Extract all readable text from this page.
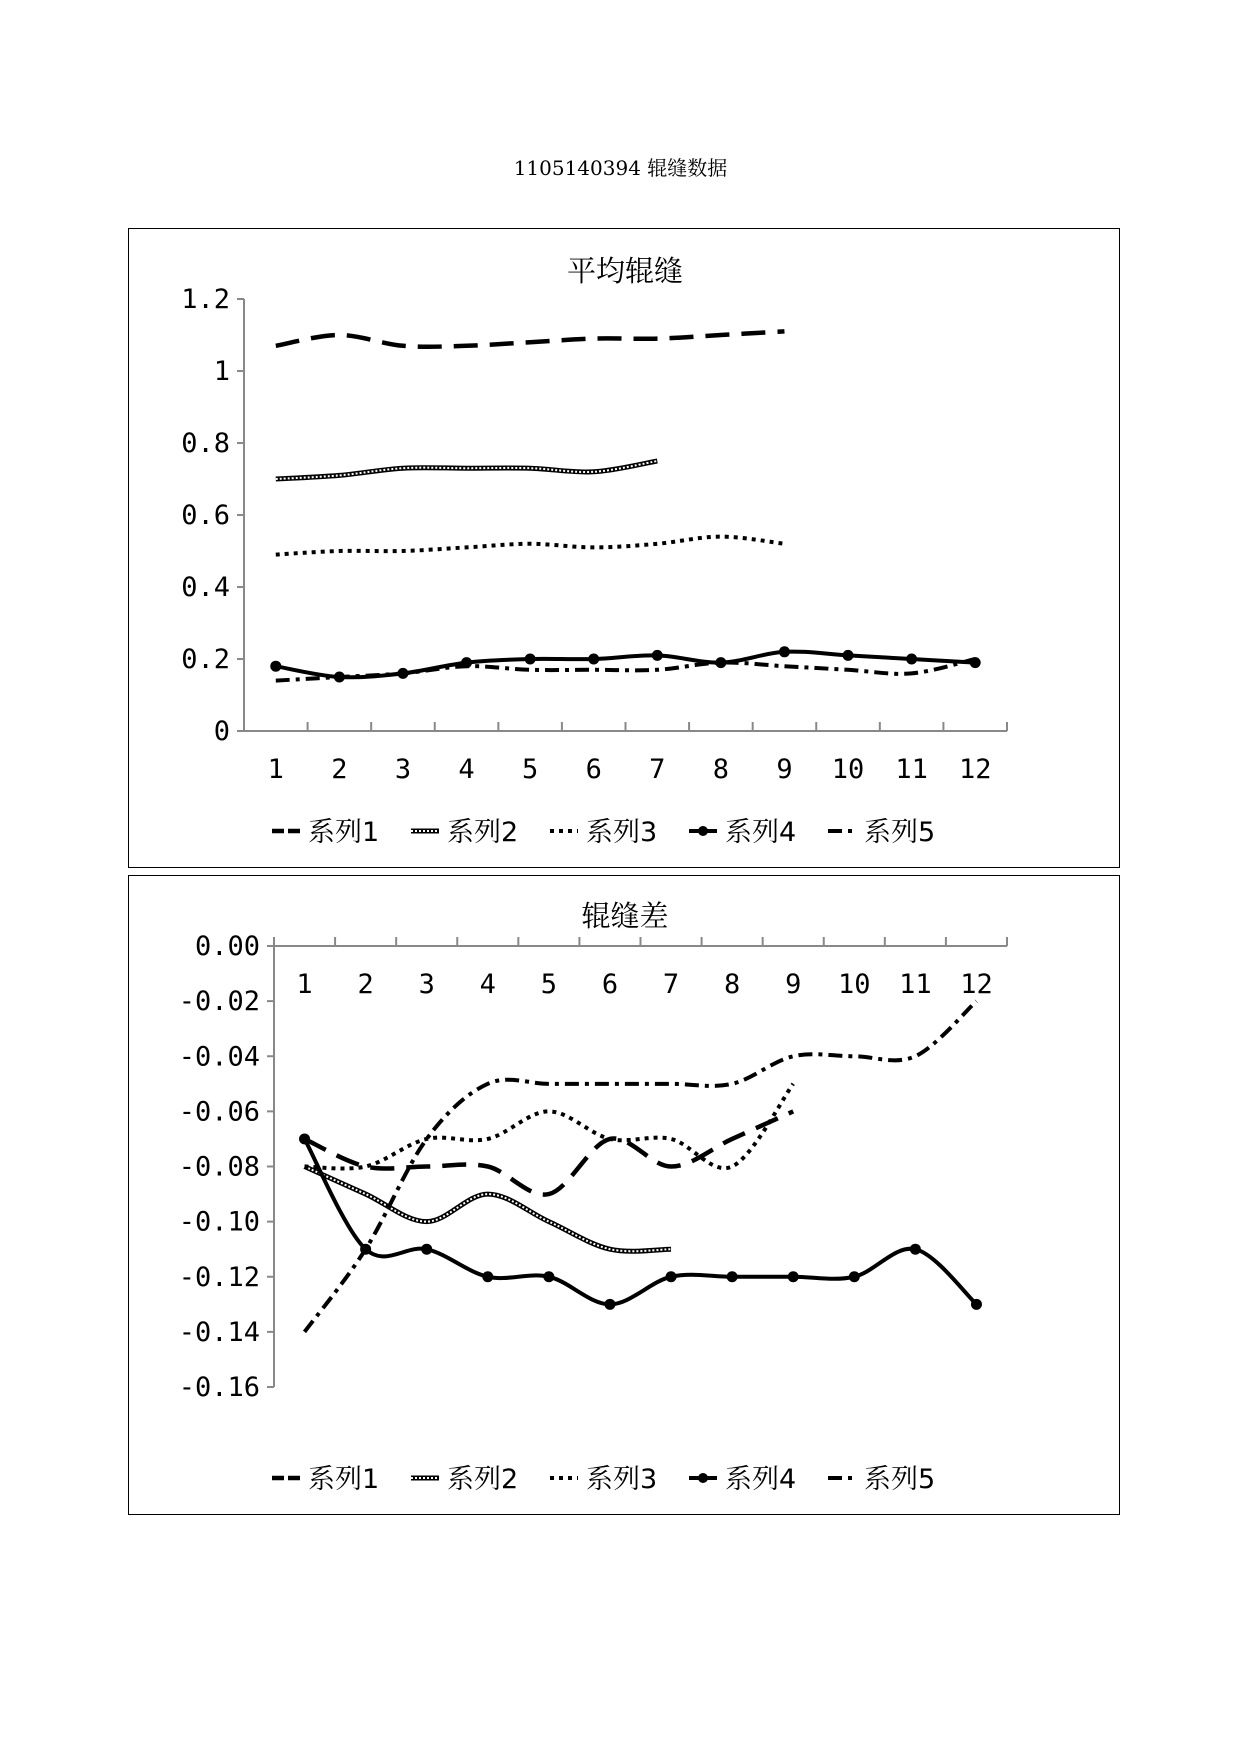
1105140394 辊缝数据
平均辊缝
0
0.2
0.4
0.6
0.8
1
1.2
1 2 3 4 5 6 7 8 9 10 11 12
系列1	系列2	系列3	系列4	系列5
辊缝差
0.00
-0.02
-0.04
-0.06
-0.08
-0.10
-0.12
-0.14
-0.16
1 2 3 4 5 6 7 8 9 10 11 12
系列1	系列2	系列3	系列4	系列5
